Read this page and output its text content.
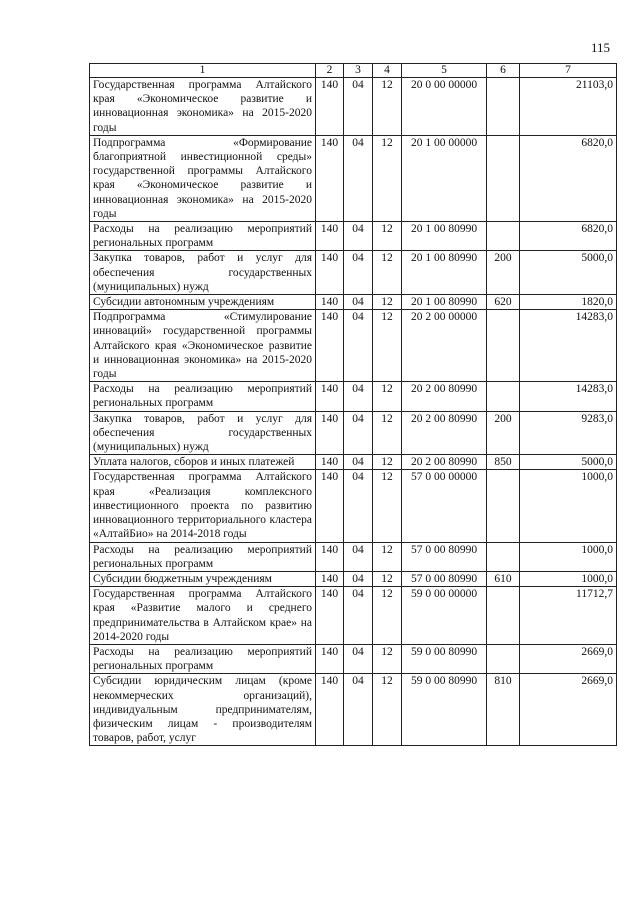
115
1	2	3	4	5	6	7
Государственная программа Алтайского края «Экономическое развитие и инновационная экономика» на 2015-2020 годы	140	04	12	20 0 00 00000		21103,0
Подпрограмма «Формирование благоприятной инвестиционной среды» государственной программы Алтайского края «Экономическое развитие и инновационная экономика» на 2015-2020 годы	140	04	12	20 1 00 00000		6820,0
Расходы на реализацию мероприятий региональных программ	140	04	12	20 1 00 80990		6820,0
Закупка товаров, работ и услуг для обеспечения государственных (муниципальных) нужд	140	04	12	20 1 00 80990	200	5000,0
Субсидии автономным учреждениям	140	04	12	20 1 00 80990	620	1820,0
Подпрограмма «Стимулирование инноваций» государственной программы Алтайского края «Экономическое развитие и инновационная экономика» на 2015-2020 годы	140	04	12	20 2 00 00000		14283,0
Расходы на реализацию мероприятий региональных программ	140	04	12	20 2 00 80990		14283,0
Закупка товаров, работ и услуг для обеспечения государственных (муниципальных) нужд	140	04	12	20 2 00 80990	200	9283,0
Уплата налогов, сборов и иных платежей	140	04	12	20 2 00 80990	850	5000,0
Государственная программа Алтайского края «Реализация комплексного инвестиционного проекта по развитию инновационного территориального кластера «АлтайБио» на 2014-2018 годы	140	04	12	57 0 00 00000		1000,0
Расходы на реализацию мероприятий региональных программ	140	04	12	57 0 00 80990		1000,0
Субсидии бюджетным учреждениям	140	04	12	57 0 00 80990	610	1000,0
Государственная программа Алтайского края «Развитие малого и среднего предпринимательства в Алтайском крае» на 2014-2020 годы	140	04	12	59 0 00 00000		11712,7
Расходы на реализацию мероприятий региональных программ	140	04	12	59 0 00 80990		2669,0
Субсидии юридическим лицам (кроме некоммерческих организаций), индивидуальным предпринимателям, физическим лицам - производителям товаров, работ, услуг	140	04	12	59 0 00 80990	810	2669,0
